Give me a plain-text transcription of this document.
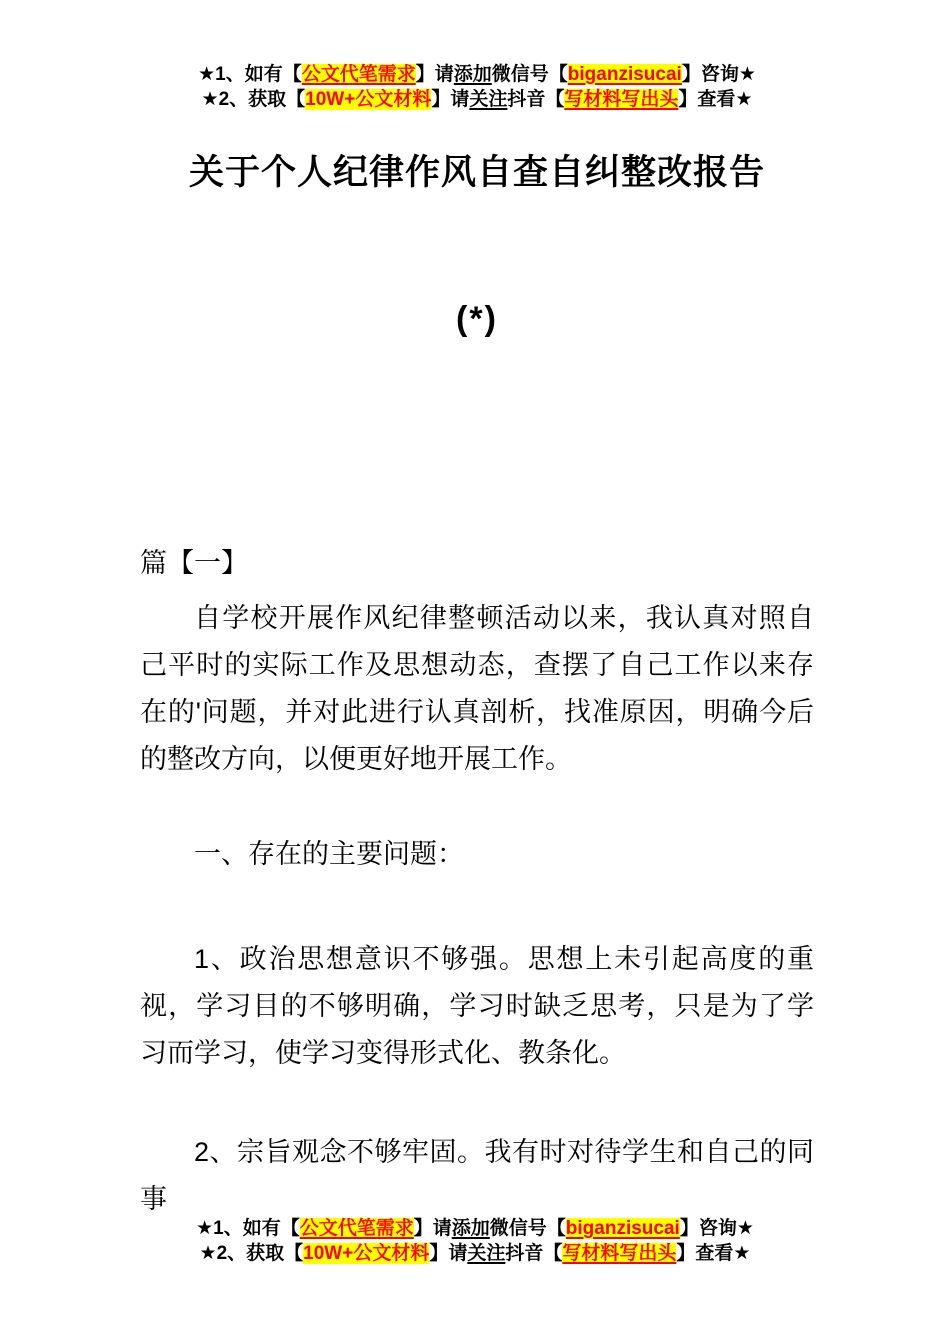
★1、如有【公文代笔需求】请添加微信号【biganzisucai】咨询★
★2、获取【10W+公文材料】请关注抖音【写材料写出头】查看★
关于个人纪律作风自查自纠整改报告
(*)
篇【一】

自学校开展作风纪律整顿活动以来，我认真对照自己平时的实际工作及思想动态，查摆了自己工作以来存在的'问题，并对此进行认真剖析，找准原因，明确今后的整改方向，以便更好地开展工作。

一、存在的主要问题：

1、政治思想意识不够强。思想上未引起高度的重视，学习目的不够明确，学习时缺乏思考，只是为了学习而学习，使学习变得形式化、教条化。

2、宗旨观念不够牢固。我有时对待学生和自己的同事

★1、如有【公文代笔需求】请添加微信号【biganzisucai】咨询★
★2、获取【10W+公文材料】请关注抖音【写材料写出头】查看★
